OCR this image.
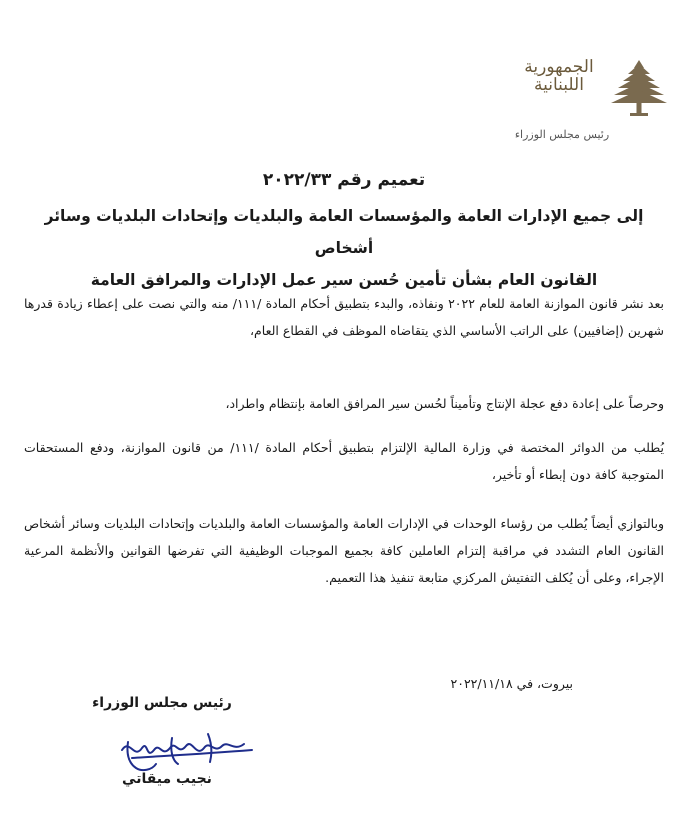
الجمهورية اللبنانية
رئيس مجلس الوزراء
تعميم رقم ٢٠٢٢/٣٣
إلى جميع الإدارات العامة والمؤسسات العامة والبلديات وإتحادات البلديات وسائر أشخاص
القانون العام بشأن تأمين حُسن سير عمل الإدارات والمرافق العامة

بعد نشر قانون الموازنة العامة للعام ٢٠٢٢ ونفاذه، والبدء بتطبيق أحكام المادة /١١١/ منه والتي نصت على إعطاء زيادة قدرها شهرين (إضافيين) على الراتب الأساسي الذي يتقاضاه الموظف في القطاع العام،

وحرصاً على إعادة دفع عجلة الإنتاج وتأميناً لحُسن سير المرافق العامة بإنتظام واطراد،

يُطلب من الدوائر المختصة في وزارة المالية الإلتزام بتطبيق أحكام المادة /١١١/ من قانون الموازنة، ودفع المستحقات المتوجبة كافة دون إبطاء أو تأخير،

وبالتوازي أيضاً يُطلب من رؤساء الوحدات في الإدارات العامة والمؤسسات العامة والبلديات وإتحادات البلديات وسائر أشخاص القانون العام التشدد في مراقبة إلتزام العاملين كافة بجميع الموجبات الوظيفية التي تفرضها القوانين والأنظمة المرعية الإجراء، وعلى أن يُكلف التفتيش المركزي متابعة تنفيذ هذا التعميم.

بيروت، في ٢٠٢٢/١١/١٨
رئيس مجلس الوزراء
نجيب ميقاتي
